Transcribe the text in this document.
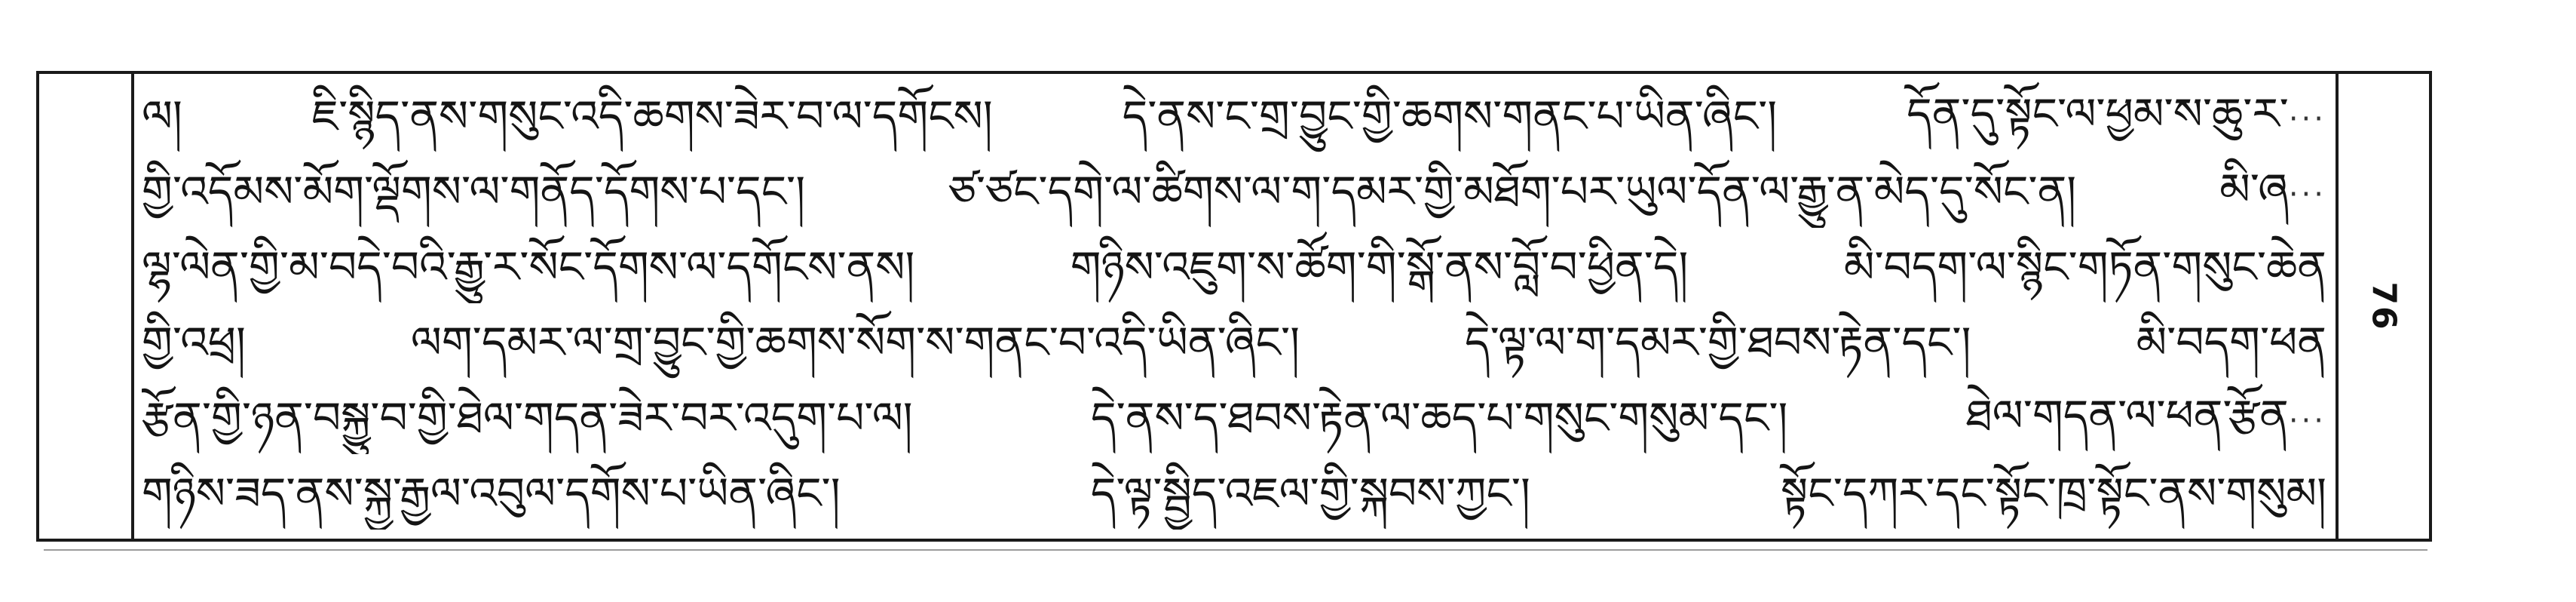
ལ།	ཇི་སྙིད་ནས་གསུང་འདི་ཆགས་ཟེར་བ་ལ་དགོངས།	དེ་ནས་ང་གྲ་བྱུང་གྱི་ཆགས་གནང་པ་ཡིན་ཞིང་།	དོན་དུ་སྟོང་ལ་ཕྱམ་ས་ཆུ་ར་···
གྱི་འདོམས་མོག་ལྡོགས་ལ་གནོད་དོགས་པ་དང་།	ཙ་ཙང་དགེ་ལ་ཚིགས་ལ་ག་དམར་གྱི་མཐོག་པར་ཡུལ་དོན་ལ་རྒྱུ་ན་མེད་དུ་སོང་ན།	མི་ཞ···
ལྷ་ལེན་གྱི་མ་བདེ་བའི་རྒྱུ་ར་སོང་དོགས་ལ་དགོངས་ནས།	གཉིས་འཇུག་ས་ཚོག་གི་སྒོ་ནས་བློ་བ་ཕྱིན་དེ།	མི་བདག་ལ་སྙིང་གཏོན་གསུང་ཆེན
གྱི་འཕྲ།	ལག་དམར་ལ་གྲ་བྱུང་གྱི་ཆགས་སོག་ས་གནང་བ་འདི་ཡིན་ཞིང་།	དེ་ལྟ་ལ་ག་དམར་གྱི་ཐབས་རྟེན་དང་།	མི་བདག་ཕན
རྩོན་གྱི་ཉན་བསྐྱུ་བ་གྱི་ཐེལ་གདན་ཟེར་བར་འདུག་པ་ལ།	དེ་ནས་ད་ཐབས་རྟེན་ལ་ཆད་པ་གསུང་གསུམ་དང་།	ཐེལ་གདན་ལ་ཕན་རྩོན···
གཉིས་ཟད་ནས་སྐྱ་རྒྱལ་འབུལ་དགོས་པ་ཡིན་ཞིང་།	དེ་ལྟ་སྦྱིད་འཇལ་གྱི་སྐབས་ཀྱང་།	སྟོང་དཀར་དང་སྟོང་ཁྲ་སྟོང་ནས་གསུམ།
76
